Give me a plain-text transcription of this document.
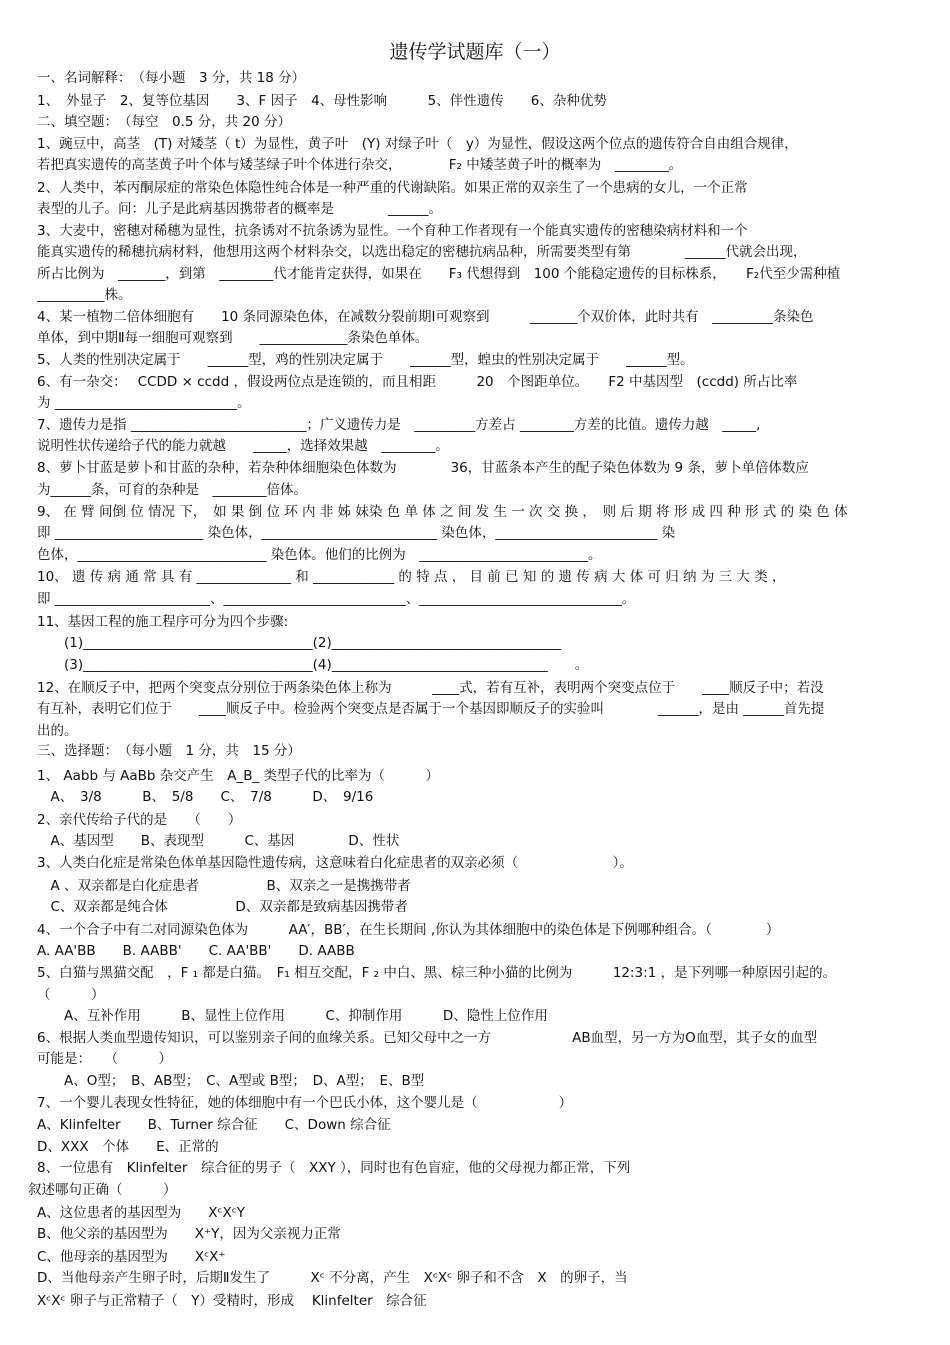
遗传学试题库（一）
一、名词解释：　（每小题　3 分，共 18 分）
1、　外显子　2、复等位基因　　3、F 因子　4、母性影响　　　5、伴性遗传　　6、杂种优势
二、填空题：　（每空　0.5 分，共 20 分）
1、豌豆中，高茎　(T) 对矮茎（ t）为显性，黄子叶　(Y) 对绿子叶（　y）为显性，假设这两个位点的遗传符合自由组合规律，
若把真实遗传的高茎黄子叶个体与矮茎绿子叶个体进行杂交，　　　　F₂ 中矮茎黄子叶的概率为　________。
2、人类中，苯丙酮尿症的常染色体隐性纯合体是一种严重的代谢缺陷。如果正常的双亲生了一个患病的女儿，一个正常
表型的儿子。问：儿子是此病基因携带者的概率是　　　　______。
3、大麦中，密穗对稀穗为显性，抗条诱对不抗条诱为显性。一个育种工作者现有一个能真实遗传的密穗染病材料和一个
能真实遗传的稀穗抗病材料，他想用这两个材料杂交，以选出稳定的密穗抗病品种，所需要类型有第　　　　______代就会出现，
所占比例为　_______，到第　________代才能肯定获得，如果在　　F₃ 代想得到　100 个能稳定遗传的目标株系，　　F₂代至少需种植
__________株。
4、某一植物二倍体细胞有　　10 条同源染色体，在减数分裂前期Ⅰ可观察到　　　_______个双价体，此时共有　_________条染色
单体，到中期Ⅱ每一细胞可观察到　　_____________条染色单体。
5、人类的性别决定属于　　______型，鸡的性别决定属于　　______型，蝗虫的性别决定属于　　______型。
6、有一杂交：　 CCDD × ccdd ，假设两位点是连锁的，而且相距　　　20　个图距单位。　　F2 中基因型　(ccdd) 所占比率
为 ___________________________。
7、遗传力是指 __________________________；广义遗传力是　_________方差占 ________方差的比值。遗传力越　_____,
说明性状传递给子代的能力就越　　_____，选择效果越　________。
8、萝卜甘蓝是萝卜和甘蓝的杂种，若杂种体细胞染色体数为　　　　36，甘蓝条本产生的配子染色体数为 9 条，萝卜单倍体数应
为______条，可育的杂种是　________倍体。
9、 在 臂 间倒 位 情况 下，　如 果 倒 位 环 内 非 姊 妹染 色 单 体 之 间 发 生 一 次 交 换 ，　则 后 期 将 形 成 四 种 形 式 的 染 色 体
即 ______________________ 染色体，__________________________ 染色体，________________________ 染
色体，____________________________ 染色体。他们的比例为　_________________________。
10、 遗 传 病 通 常 具 有 ______________ 和 ____________ 的 特 点 ， 目 前 已 知 的 遗 传 病 大 体 可 归 纳 为 三 大 类 ，
即 _______________________、___________________________、______________________________。
11、基因工程的施工程序可分为四个步骤:
　　(1)__________________________________(2)__________________________________
　　(3)__________________________________(4)________________________________　　。
12、在顺反子中，把两个突变点分别位于两条染色体上称为　　　____式，若有互补，表明两个突变点位于　　____顺反子中；若没
有互补，表明它们位于　　____顺反子中。检验两个突变点是否属于一个基因即顺反子的实验叫　　　　______，是由 ______首先提
出的。
三、选择题：　（每小题　1 分，共　15 分）
1、 Aabb 与 AaBb 杂交产生　A_B_ 类型子代的比率为（　　　）
　A、　3/8　　　B、　5/8　　C、　7/8　　　D、　9/16
2、亲代传给子代的是　　（　　）
　A、基因型　　B、表现型　　　C、基因　　　　D、性状
3、人类白化症是常染色体单基因隐性遗传病，这意味着白化症患者的双亲必须（　　　　　　　）。
　A 、双亲都是白化症患者　　　　　B、双亲之一是携携带者
　C、双亲都是纯合体　　　　　D、双亲都是致病基因携带者
4、一个合子中有二对同源染色体为　　　AA′，BB′，在生长期间 ,你认为其体细胞中的染色体是下例哪种组合。（　　　　）
A. AA'BB　　B. AABB'　　C. AA'BB'　　D. AABB
5、白猫与黑猫交配　，F ₁ 都是白猫。　F₁ 相互交配，F ₂ 中白、黑、棕三种小猫的比例为　　　12:3:1 ，是下列哪一种原因引起的。
（　　　）
　　A、互补作用　　　B、显性上位作用　　　C、抑制作用　　　D、隐性上位作用
6、根据人类血型遗传知识，可以鉴别亲子间的血缘关系。已知父母中之一方　　　　　　AB血型，另一方为O血型，其子女的血型
可能是：　　（　　　）
　　A、O型；　B、AB型；　C、A型或 B型；　D、A型；　E、B型
7、一个婴儿表现女性特征，她的体细胞中有一个巴氏小体，这个婴儿是（　　　　　　）
A、Klinfelter　　B、Turner 综合征　　C、Down 综合征
D、XXX　个体　　E、正常的
8、一位患有　Klinfelter　综合征的男子（　XXY ），同时也有色盲症，他的父母视力都正常，下列
叙述哪句正确（　　　）
A、这位患者的基因型为　　XᶜXᶜY
B、他父亲的基因型为　　X⁺Y，因为父亲视力正常
C、他母亲的基因型为　　XᶜX⁺
D、当他母亲产生卵子时，后期Ⅱ发生了　　　Xᶜ 不分离，产生　XᶜXᶜ 卵子和不含　X　的卵子，当
XᶜXᶜ 卵子与正常精子（　Y）受精时，形成　 Klinfelter　综合征
